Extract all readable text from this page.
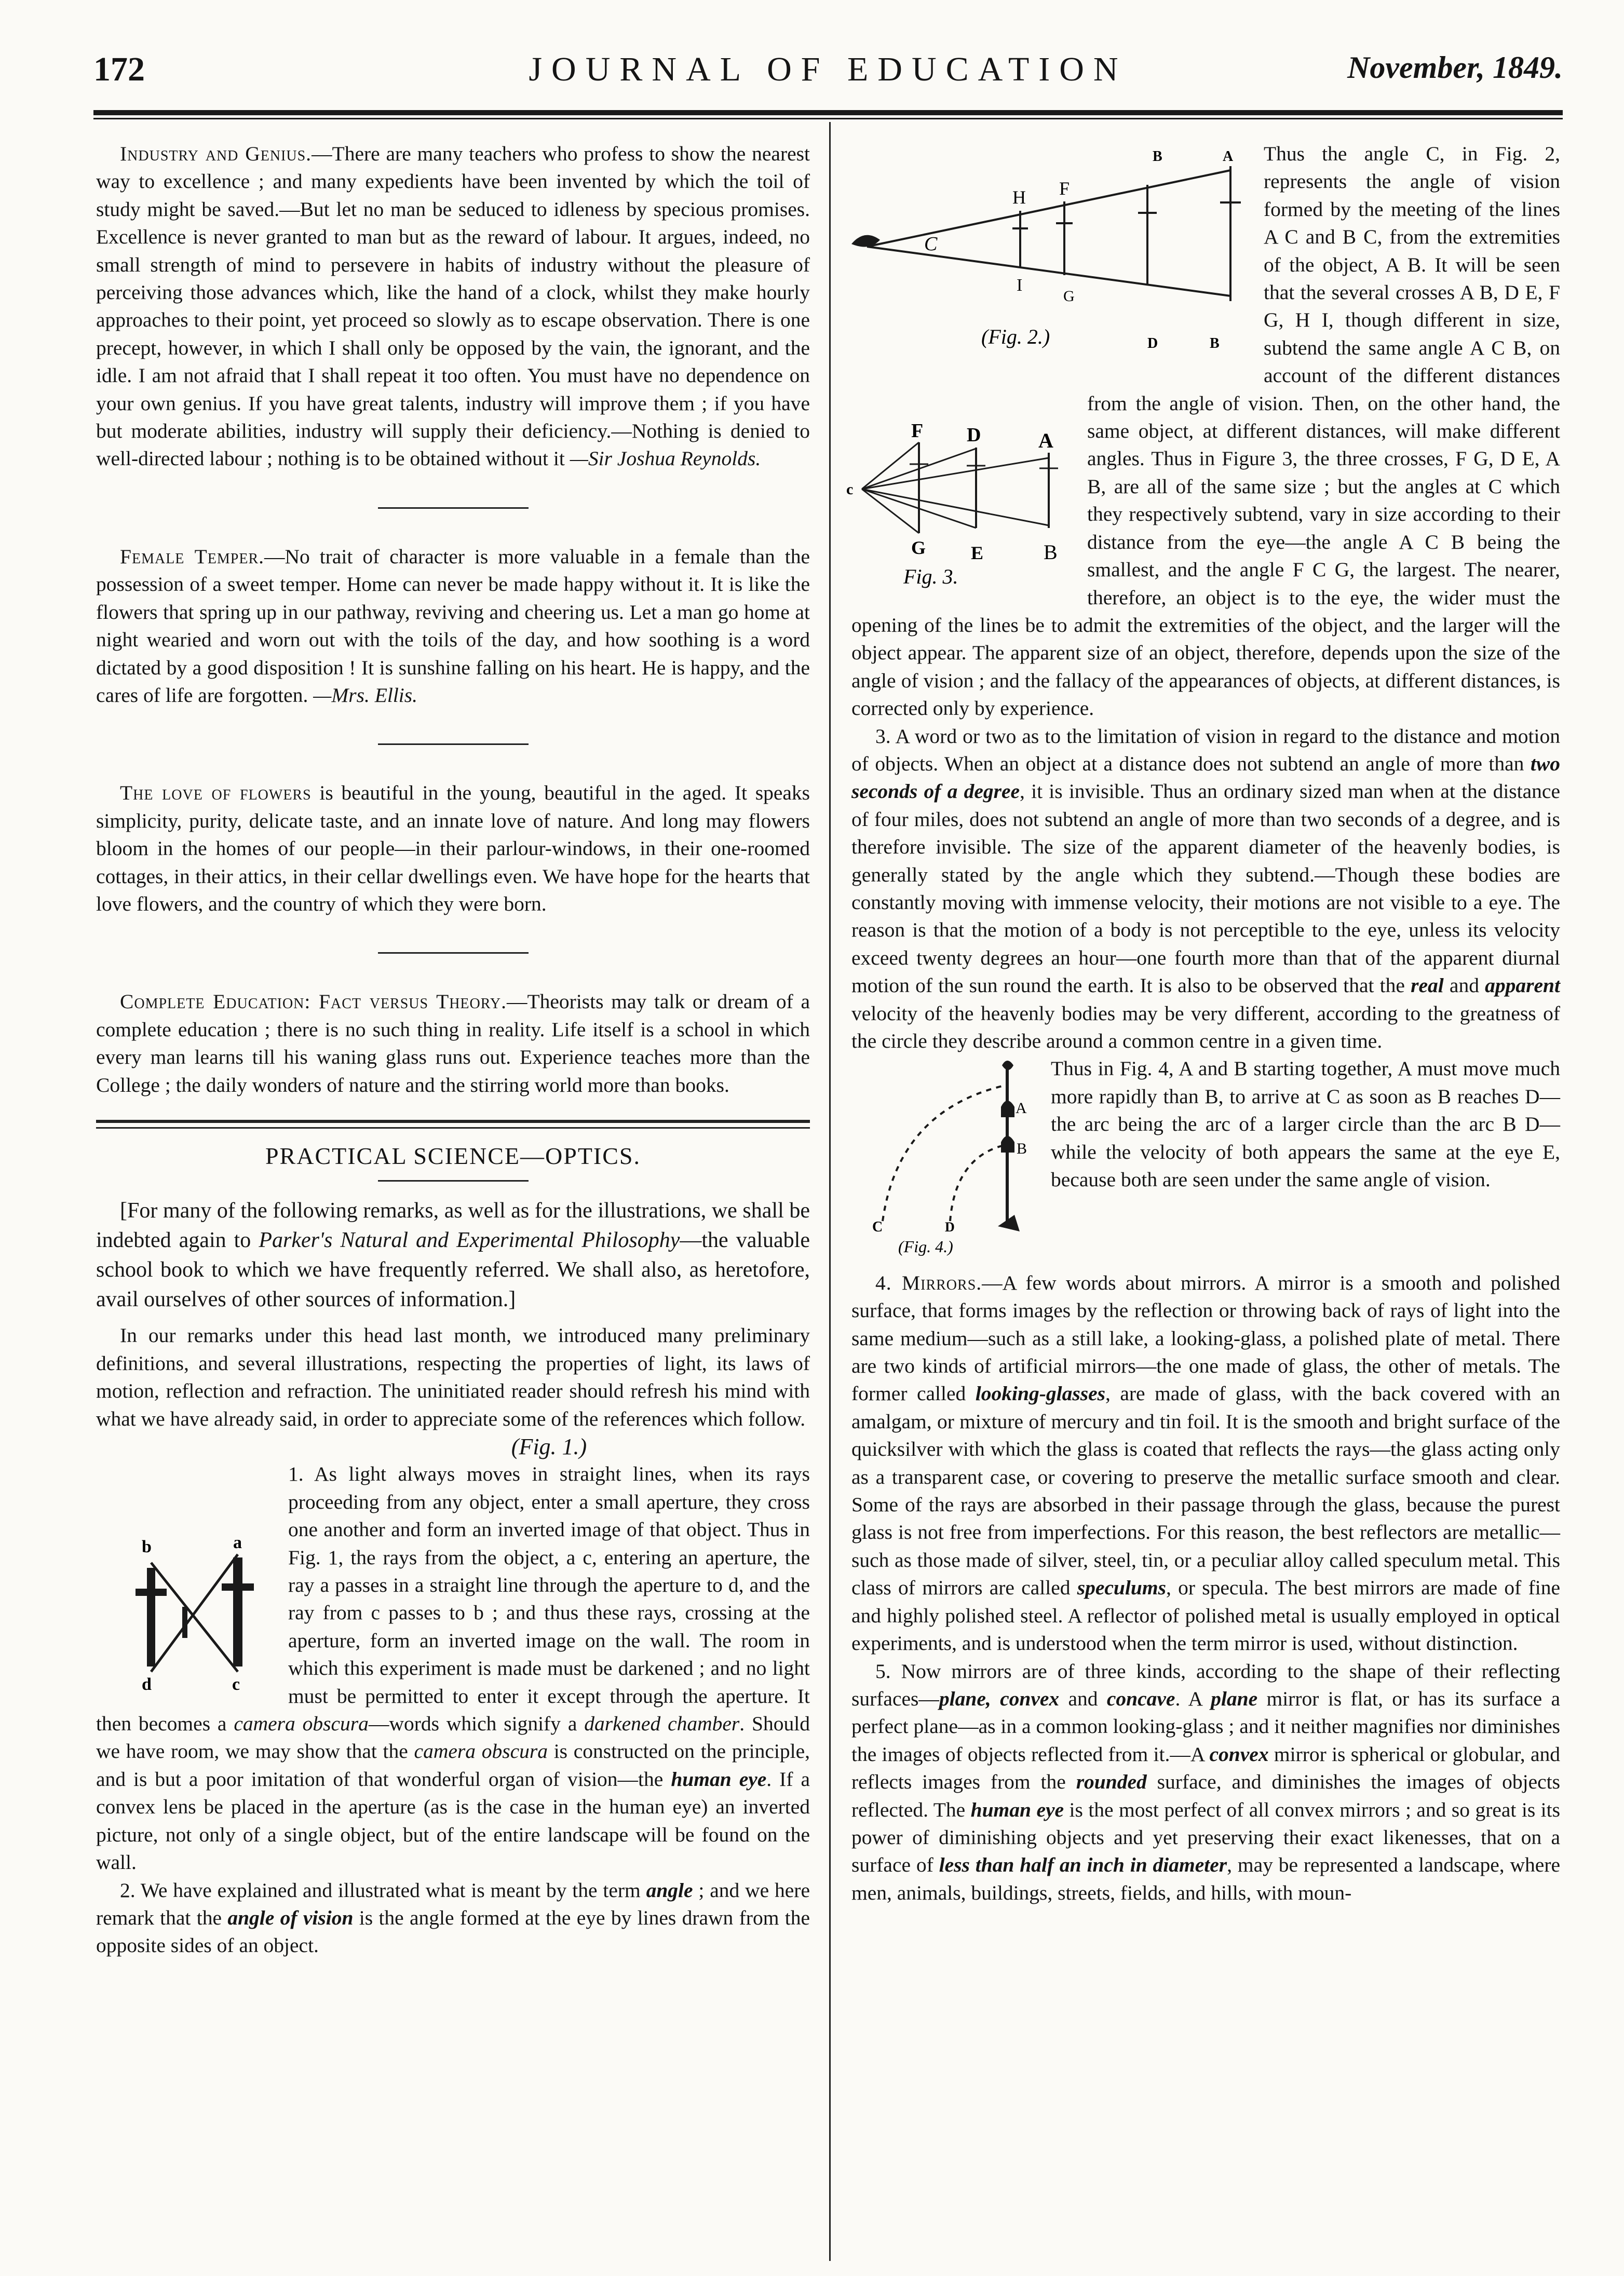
172	JOURNAL OF EDUCATION	November, 1849.

Industry and Genius.—There are many teachers who profess to show the nearest way to excellence ; and many expedients have been invented by which the toil of study might be saved.—But let no man be seduced to idleness by specious promises. Excellence is never granted to man but as the reward of labour. It argues, indeed, no small strength of mind to persevere in habits of industry without the pleasure of perceiving those advances which, like the hand of a clock, whilst they make hourly approaches to their point, yet proceed so slowly as to escape observation. There is one precept, however, in which I shall only be opposed by the vain, the ignorant, and the idle. I am not afraid that I shall repeat it too often. You must have no dependence on your own genius. If you have great talents, industry will improve them ; if you have but moderate abilities, industry will supply their deficiency.—Nothing is denied to well-directed labour ; nothing is to be obtained without it —Sir Joshua Reynolds.

Female Temper.—No trait of character is more valuable in a female than the possession of a sweet temper. Home can never be made happy without it. It is like the flowers that spring up in our pathway, reviving and cheering us. Let a man go home at night wearied and worn out with the toils of the day, and how soothing is a word dictated by a good disposition ! It is sunshine falling on his heart. He is happy, and the cares of life are forgotten. —Mrs. Ellis.

The love of flowers is beautiful in the young, beautiful in the aged. It speaks simplicity, purity, delicate taste, and an innate love of nature. And long may flowers bloom in the homes of our people—in their parlour-windows, in their one-roomed cottages, in their attics, in their cellar dwellings even. We have hope for the hearts that love flowers, and the country of which they were born.

Complete Education: Fact versus Theory.—Theorists may talk or dream of a complete education ; there is no such thing in reality. Life itself is a school in which every man learns till his waning glass runs out. Experience teaches more than the College ; the daily wonders of nature and the stirring world more than books.

PRACTICAL SCIENCE—OPTICS.

[For many of the following remarks, as well as for the illustrations, we shall be indebted again to Parker's Natural and Experimental Philosophy—the valuable school book to which we have frequently referred. We shall also, as heretofore, avail ourselves of other sources of information.]

In our remarks under this head last month, we introduced many preliminary definitions, and several illustrations, respecting the properties of light, its laws of motion, reflection and refraction. The uninitiated reader should refresh his mind with what we have already said, in order to appreciate some of the references which follow.

b	a
d	c

(Fig. 1.)
1. As light always moves in straight lines, when its rays proceeding from any object, enter a small aperture, they cross one another and form an inverted image of that object. Thus in Fig. 1, the rays from the object, a c, entering an aperture, the ray a passes in a straight line through the aperture to d, and the ray from c passes to b ; and thus these rays, crossing at the aperture, form an inverted image on the wall. The room in which this experiment is made must be darkened ; and no light must be permitted to enter it except through the aperture. It then becomes a camera obscura—words which signify a darkened chamber. Should we have room, we may show that the camera obscura is constructed on the principle, and is but a poor imitation of that wonderful organ of vision—the human eye. If a convex lens be placed in the aperture (as is the case in the human eye) an inverted picture, not only of a single object, but of the entire landscape will be found on the wall.

2. We have explained and illustrated what is meant by the term angle ; and we here remark that the angle of vision is the angle formed at the eye by lines drawn from the opposite sides of an object.

B	A
H F
C
I
G
D	B
(Fig. 2.)
F D	A
c
G E	B
Fig. 3.
Thus the angle C, in Fig. 2, represents the angle of vision formed by the meeting of the lines A C and B C, from the extremities of the object, A B. It will be seen that the several crosses A B, D E, F G, H I, though different in size, subtend the same angle A C B, on account of the different distances from the angle of vision. Then, on the other hand, the same object, at different distances, will make different angles. Thus in Figure 3, the three crosses, F G, D E, A B, are all of the same size ; but the angles at C which they respectively subtend, vary in size according to their distance from the eye—the angle A C B being the smallest, and the angle F C G, the largest. The nearer, therefore, an object is to the eye, the wider must the opening of the lines be to admit the extremities of the object, and the larger will the object appear. The apparent size of an object, therefore, depends upon the size of the angle of vision ; and the fallacy of the appearances of objects, at different distances, is corrected only by experience.

3. A word or two as to the limitation of vision in regard to the distance and motion of objects. When an object at a distance does not subtend an angle of more than two seconds of a degree, it is invisible. Thus an ordinary sized man when at the distance of four miles, does not subtend an angle of more than two seconds of a degree, and is therefore invisible. The size of the apparent diameter of the heavenly bodies, is generally stated by the angle which they subtend.—Though these bodies are constantly moving with immense velocity, their motions are not visible to a eye. The reason is that the motion of a body is not perceptible to the eye, unless its velocity exceed twenty degrees an hour—one fourth more than that of the apparent diurnal motion of the sun round the earth. It is also to be observed that the real and apparent velocity of the heavenly bodies may be very different, according to the greatness of the circle they describe around a common centre in a given time.

A
B
C	D
(Fig. 4.)
Thus in Fig. 4, A and B starting together, A must move much more rapidly than B, to arrive at C as soon as B reaches D—the arc being the arc of a larger circle than the arc B D—while the velocity of both appears the same at the eye E, because both are seen under the same angle of vision.

4. Mirrors.—A few words about mirrors. A mirror is a smooth and polished surface, that forms images by the reflection or throwing back of rays of light into the same medium—such as a still lake, a looking-glass, a polished plate of metal. There are two kinds of artificial mirrors—the one made of glass, the other of metals. The former called looking-glasses, are made of glass, with the back covered with an amalgam, or mixture of mercury and tin foil. It is the smooth and bright surface of the quicksilver with which the glass is coated that reflects the rays—the glass acting only as a transparent case, or covering to preserve the metallic surface smooth and clear. Some of the rays are absorbed in their passage through the glass, because the purest glass is not free from imperfections. For this reason, the best reflectors are metallic—such as those made of silver, steel, tin, or a peculiar alloy called speculum metal. This class of mirrors are called speculums, or specula. The best mirrors are made of fine and highly polished steel. A reflector of polished metal is usually employed in optical experiments, and is understood when the term mirror is used, without distinction.

5. Now mirrors are of three kinds, according to the shape of their reflecting surfaces—plane, convex and concave. A plane mirror is flat, or has its surface a perfect plane—as in a common looking-glass ; and it neither magnifies nor diminishes the images of objects reflected from it.—A convex mirror is spherical or globular, and reflects images from the rounded surface, and diminishes the images of objects reflected. The human eye is the most perfect of all convex mirrors ; and so great is its power of diminishing objects and yet preserving their exact likenesses, that on a surface of less than half an inch in diameter, may be represented a landscape, where men, animals, buildings, streets, fields, and hills, with moun-
